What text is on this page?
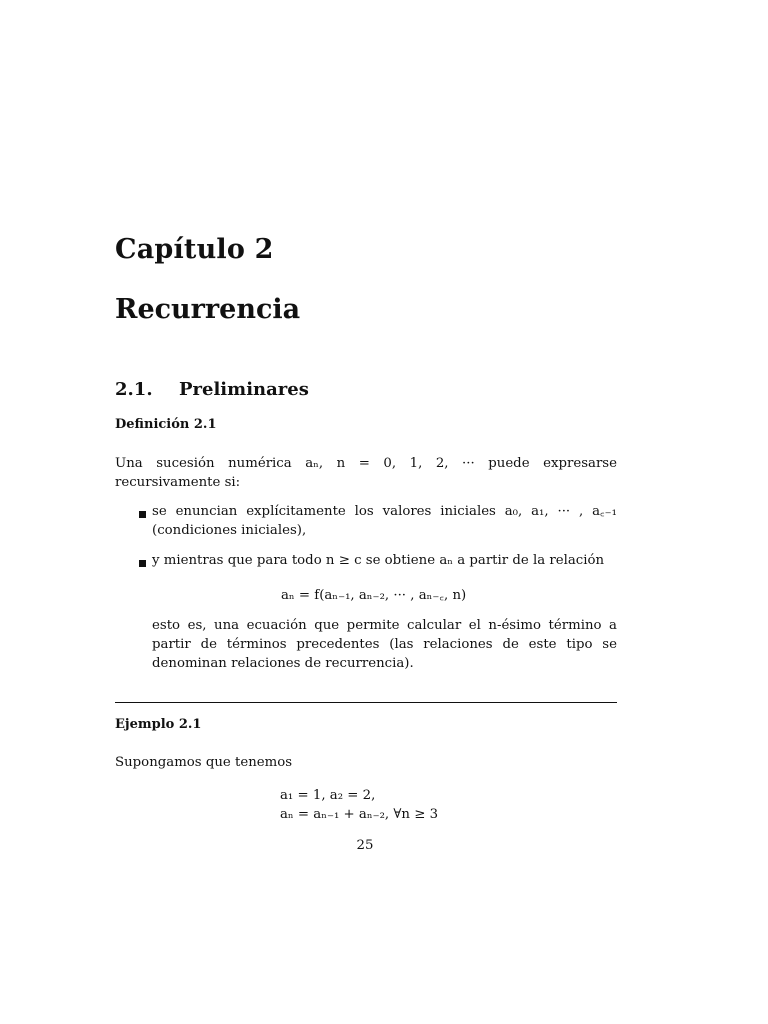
Capítulo 2
Recurrencia
2.1. Preliminares
Definición 2.1
Una sucesión numérica aₙ, n = 0, 1, 2, ··· puede expresarse recursivamente si:
se enuncian explícitamente los valores iniciales a₀, a₁, ··· , a꜀₋₁ (condiciones iniciales),
y mientras que para todo n ≥ c se obtiene aₙ a partir de la relación
aₙ = f(aₙ₋₁, aₙ₋₂, ··· , aₙ₋꜀, n)
esto es, una ecuación que permite calcular el n-ésimo término a partir de términos precedentes (las relaciones de este tipo se denominan relaciones de recurrencia).
Ejemplo 2.1
Supongamos que tenemos
a₁ = 1, a₂ = 2,
aₙ = aₙ₋₁ + aₙ₋₂, ∀n ≥ 3
25
